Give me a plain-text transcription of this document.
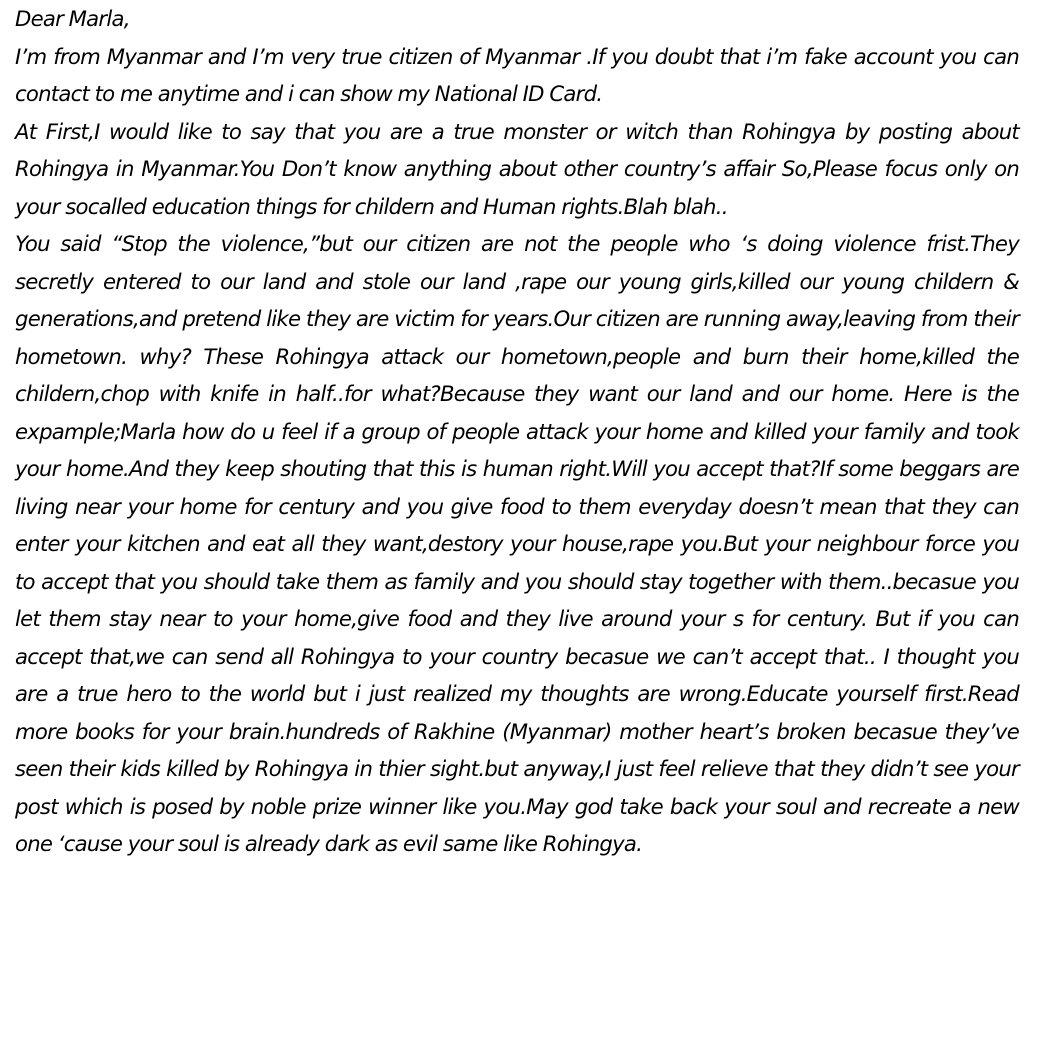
Dear Marla,

I’m from Myanmar and I’m very true citizen of Myanmar .If you doubt that i’m fake account you can contact to me anytime and i can show my National ID Card.

At First,I would like to say that you are a true monster or witch than Rohingya by posting about Rohingya in Myanmar.You Don’t know anything about other country’s affair So,Please focus only on your socalled education things for childern and Human rights.Blah blah..

You said “Stop the violence,”but our citizen are not the people who ‘s doing violence frist.They secretly entered to our land and stole our land ,rape our young girls,killed our young childern & generations,and pretend like they are victim for years.Our citizen are running away,leaving from their hometown. why? These Rohingya attack our hometown,people and burn their home,killed the childern,chop with knife in half..for what?Because they want our land and our home. Here is the expample;Marla how do u feel if a group of people attack your home and killed your family and took your home.And they keep shouting that this is human right.Will you accept that?If some beggars are living near your home for century and you give food to them everyday doesn’t mean that they can enter your kitchen and eat all they want,destory your house,rape you.But your neighbour force you to accept that you should take them as family and you should stay together with them..becasue you let them stay near to your home,give food and they live around your s for century. But if you can accept that,we can send all Rohingya to your country becasue we can’t accept that.. I thought you are a true hero to the world but i just realized my thoughts are wrong.Educate yourself first.Read more books for your brain.hundreds of Rakhine (Myanmar) mother heart’s broken becasue they’ve seen their kids killed by Rohingya in thier sight.but anyway,I just feel relieve that they didn’t see your post which is posed by noble prize winner like you.May god take back your soul and recreate a new one ‘cause your soul is already dark as evil same like Rohingya.
